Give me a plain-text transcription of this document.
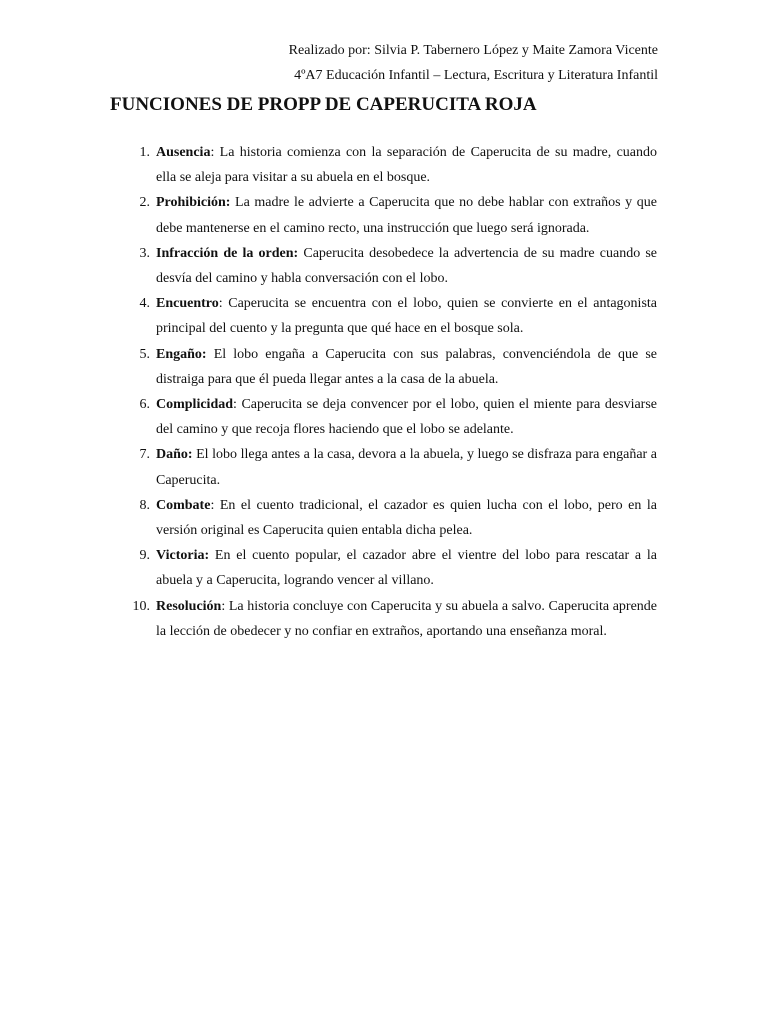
Realizado por: Silvia P. Tabernero López y Maite Zamora Vicente
4ºA7 Educación Infantil – Lectura, Escritura y Literatura Infantil
FUNCIONES DE PROPP DE CAPERUCITA ROJA
1. Ausencia: La historia comienza con la separación de Caperucita de su madre, cuando ella se aleja para visitar a su abuela en el bosque.
2. Prohibición: La madre le advierte a Caperucita que no debe hablar con extraños y que debe mantenerse en el camino recto, una instrucción que luego será ignorada.
3. Infracción de la orden: Caperucita desobedece la advertencia de su madre cuando se desvía del camino y habla conversación con el lobo.
4. Encuentro: Caperucita se encuentra con el lobo, quien se convierte en el antagonista principal del cuento y la pregunta que qué hace en el bosque sola.
5. Engaño: El lobo engaña a Caperucita con sus palabras, convenciéndola de que se distraiga para que él pueda llegar antes a la casa de la abuela.
6. Complicidad: Caperucita se deja convencer por el lobo, quien el miente para desviarse del camino y que recoja flores haciendo que el lobo se adelante.
7. Daño: El lobo llega antes a la casa, devora a la abuela, y luego se disfraza para engañar a Caperucita.
8. Combate: En el cuento tradicional, el cazador es quien lucha con el lobo, pero en la versión original es Caperucita quien entabla dicha pelea.
9. Victoria: En el cuento popular, el cazador abre el vientre del lobo para rescatar a la abuela y a Caperucita, logrando vencer al villano.
10. Resolución: La historia concluye con Caperucita y su abuela a salvo. Caperucita aprende la lección de obedecer y no confiar en extraños, aportando una enseñanza moral.
